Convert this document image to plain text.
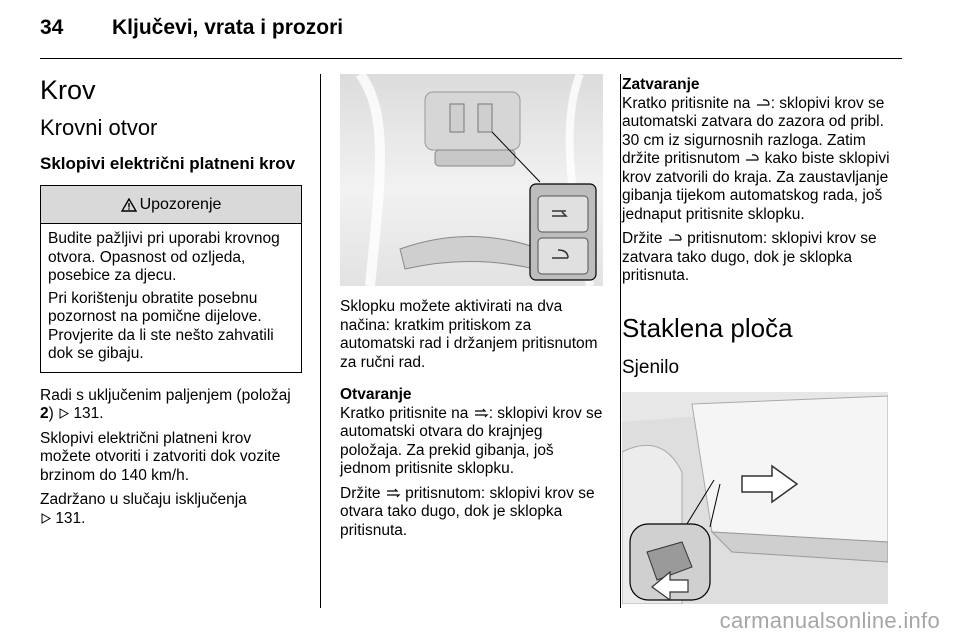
34 Ključevi, vrata i prozori
Krov
Krovni otvor
Sklopivi električni platneni krov
Upozorenje

Budite pažljivi pri uporabi krovnog otvora. Opasnost od ozljeda, posebice za djecu.

Pri korištenju obratite posebnu pozornost na pomične dijelove. Provjerite da li ste nešto zahvatili dok se gibaju.

Radi s uključenim paljenjem (položaj 2)  131.

Sklopivi električni platneni krov možete otvoriti i zatvoriti dok vozite brzinom do 140 km/h.

Zadržano u slučaju isključenja
131.

Sklopku možete aktivirati na dva načina: kratkim pritiskom za automatski rad i držanjem pritisnutom za ručni rad.

Otvaranje

Kratko pritisnite na : sklopivi krov se automatski otvara do krajnjeg položaja. Za prekid gibanja, još jednom pritisnite sklopku.

Držite  pritisnutom: sklopivi krov se otvara tako dugo, dok je sklopka pritisnuta.

Zatvaranje

Kratko pritisnite na : sklopivi krov se automatski zatvara do zazora od pribl. 30 cm iz sigurnosnih razloga. Zatim držite pritisnutom  kako biste sklopivi krov zatvorili do kraja. Za zaustavljanje gibanja tijekom automatskog rada, još jednaput pritisnite sklopku.

Držite  pritisnutom: sklopivi krov se zatvara tako dugo, dok je sklopka pritisnuta.

Staklena ploča
Sjenilo
carmanualsonline.info
